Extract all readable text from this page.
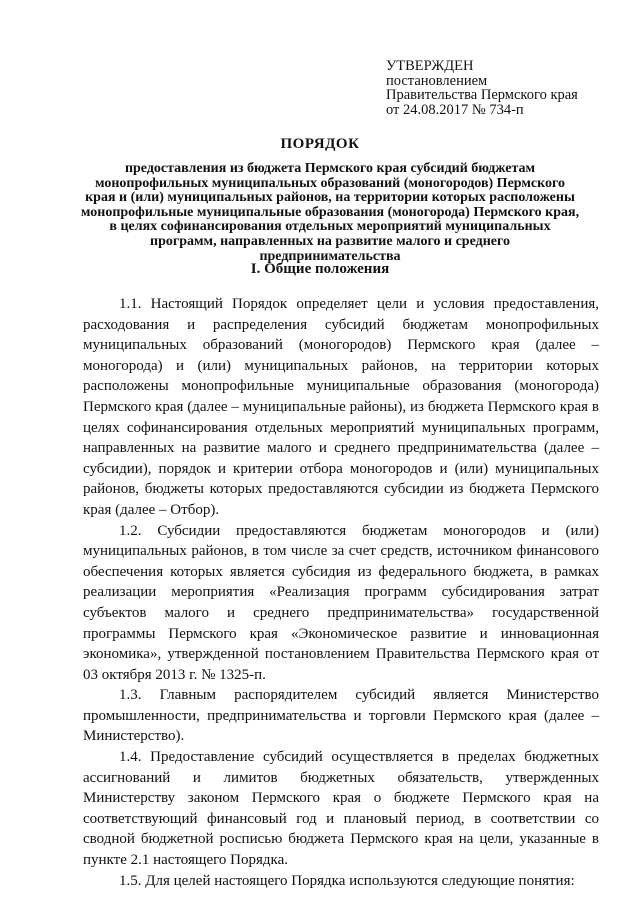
УТВЕРЖДЕН
постановлением
Правительства Пермского края
от 24.08.2017 № 734-п
ПОРЯДОК
предоставления из бюджета Пермского края субсидий бюджетам монопрофильных муниципальных образований (моногородов) Пермского края и (или) муниципальных районов, на территории которых расположены монопрофильные муниципальные образования (моногорода) Пермского края, в целях софинансирования отдельных мероприятий муниципальных программ, направленных на развитие малого и среднего предпринимательства
I. Общие положения

1.1. Настоящий Порядок определяет цели и условия предоставления, расходования и распределения субсидий бюджетам монопрофильных муниципальных образований (моногородов) Пермского края (далее – моногорода) и (или) муниципальных районов, на территории которых расположены монопрофильные муниципальные образования (моногорода) Пермского края (далее – муниципальные районы), из бюджета Пермского края в целях софинансирования отдельных мероприятий муниципальных программ, направленных на развитие малого и среднего предпринимательства (далее – субсидии), порядок и критерии отбора моногородов и (или) муниципальных районов, бюджеты которых предоставляются субсидии из бюджета Пермского края (далее – Отбор).

1.2. Субсидии предоставляются бюджетам моногородов и (или) муниципальных районов, в том числе за счет средств, источником финансового обеспечения которых является субсидия из федерального бюджета, в рамках реализации мероприятия «Реализация программ субсидирования затрат субъектов малого и среднего предпринимательства» государственной программы Пермского края «Экономическое развитие и инновационная экономика», утвержденной постановлением Правительства Пермского края от 03 октября 2013 г. № 1325-п.

1.3. Главным распорядителем субсидий является Министерство промышленности, предпринимательства и торговли Пермского края (далее – Министерство).

1.4. Предоставление субсидий осуществляется в пределах бюджетных ассигнований и лимитов бюджетных обязательств, утвержденных Министерству законом Пермского края о бюджете Пермского края на соответствующий финансовый год и плановый период, в соответствии со сводной бюджетной росписью бюджета Пермского края на цели, указанные в пункте 2.1 настоящего Порядка.

1.5. Для целей настоящего Порядка используются следующие понятия:
